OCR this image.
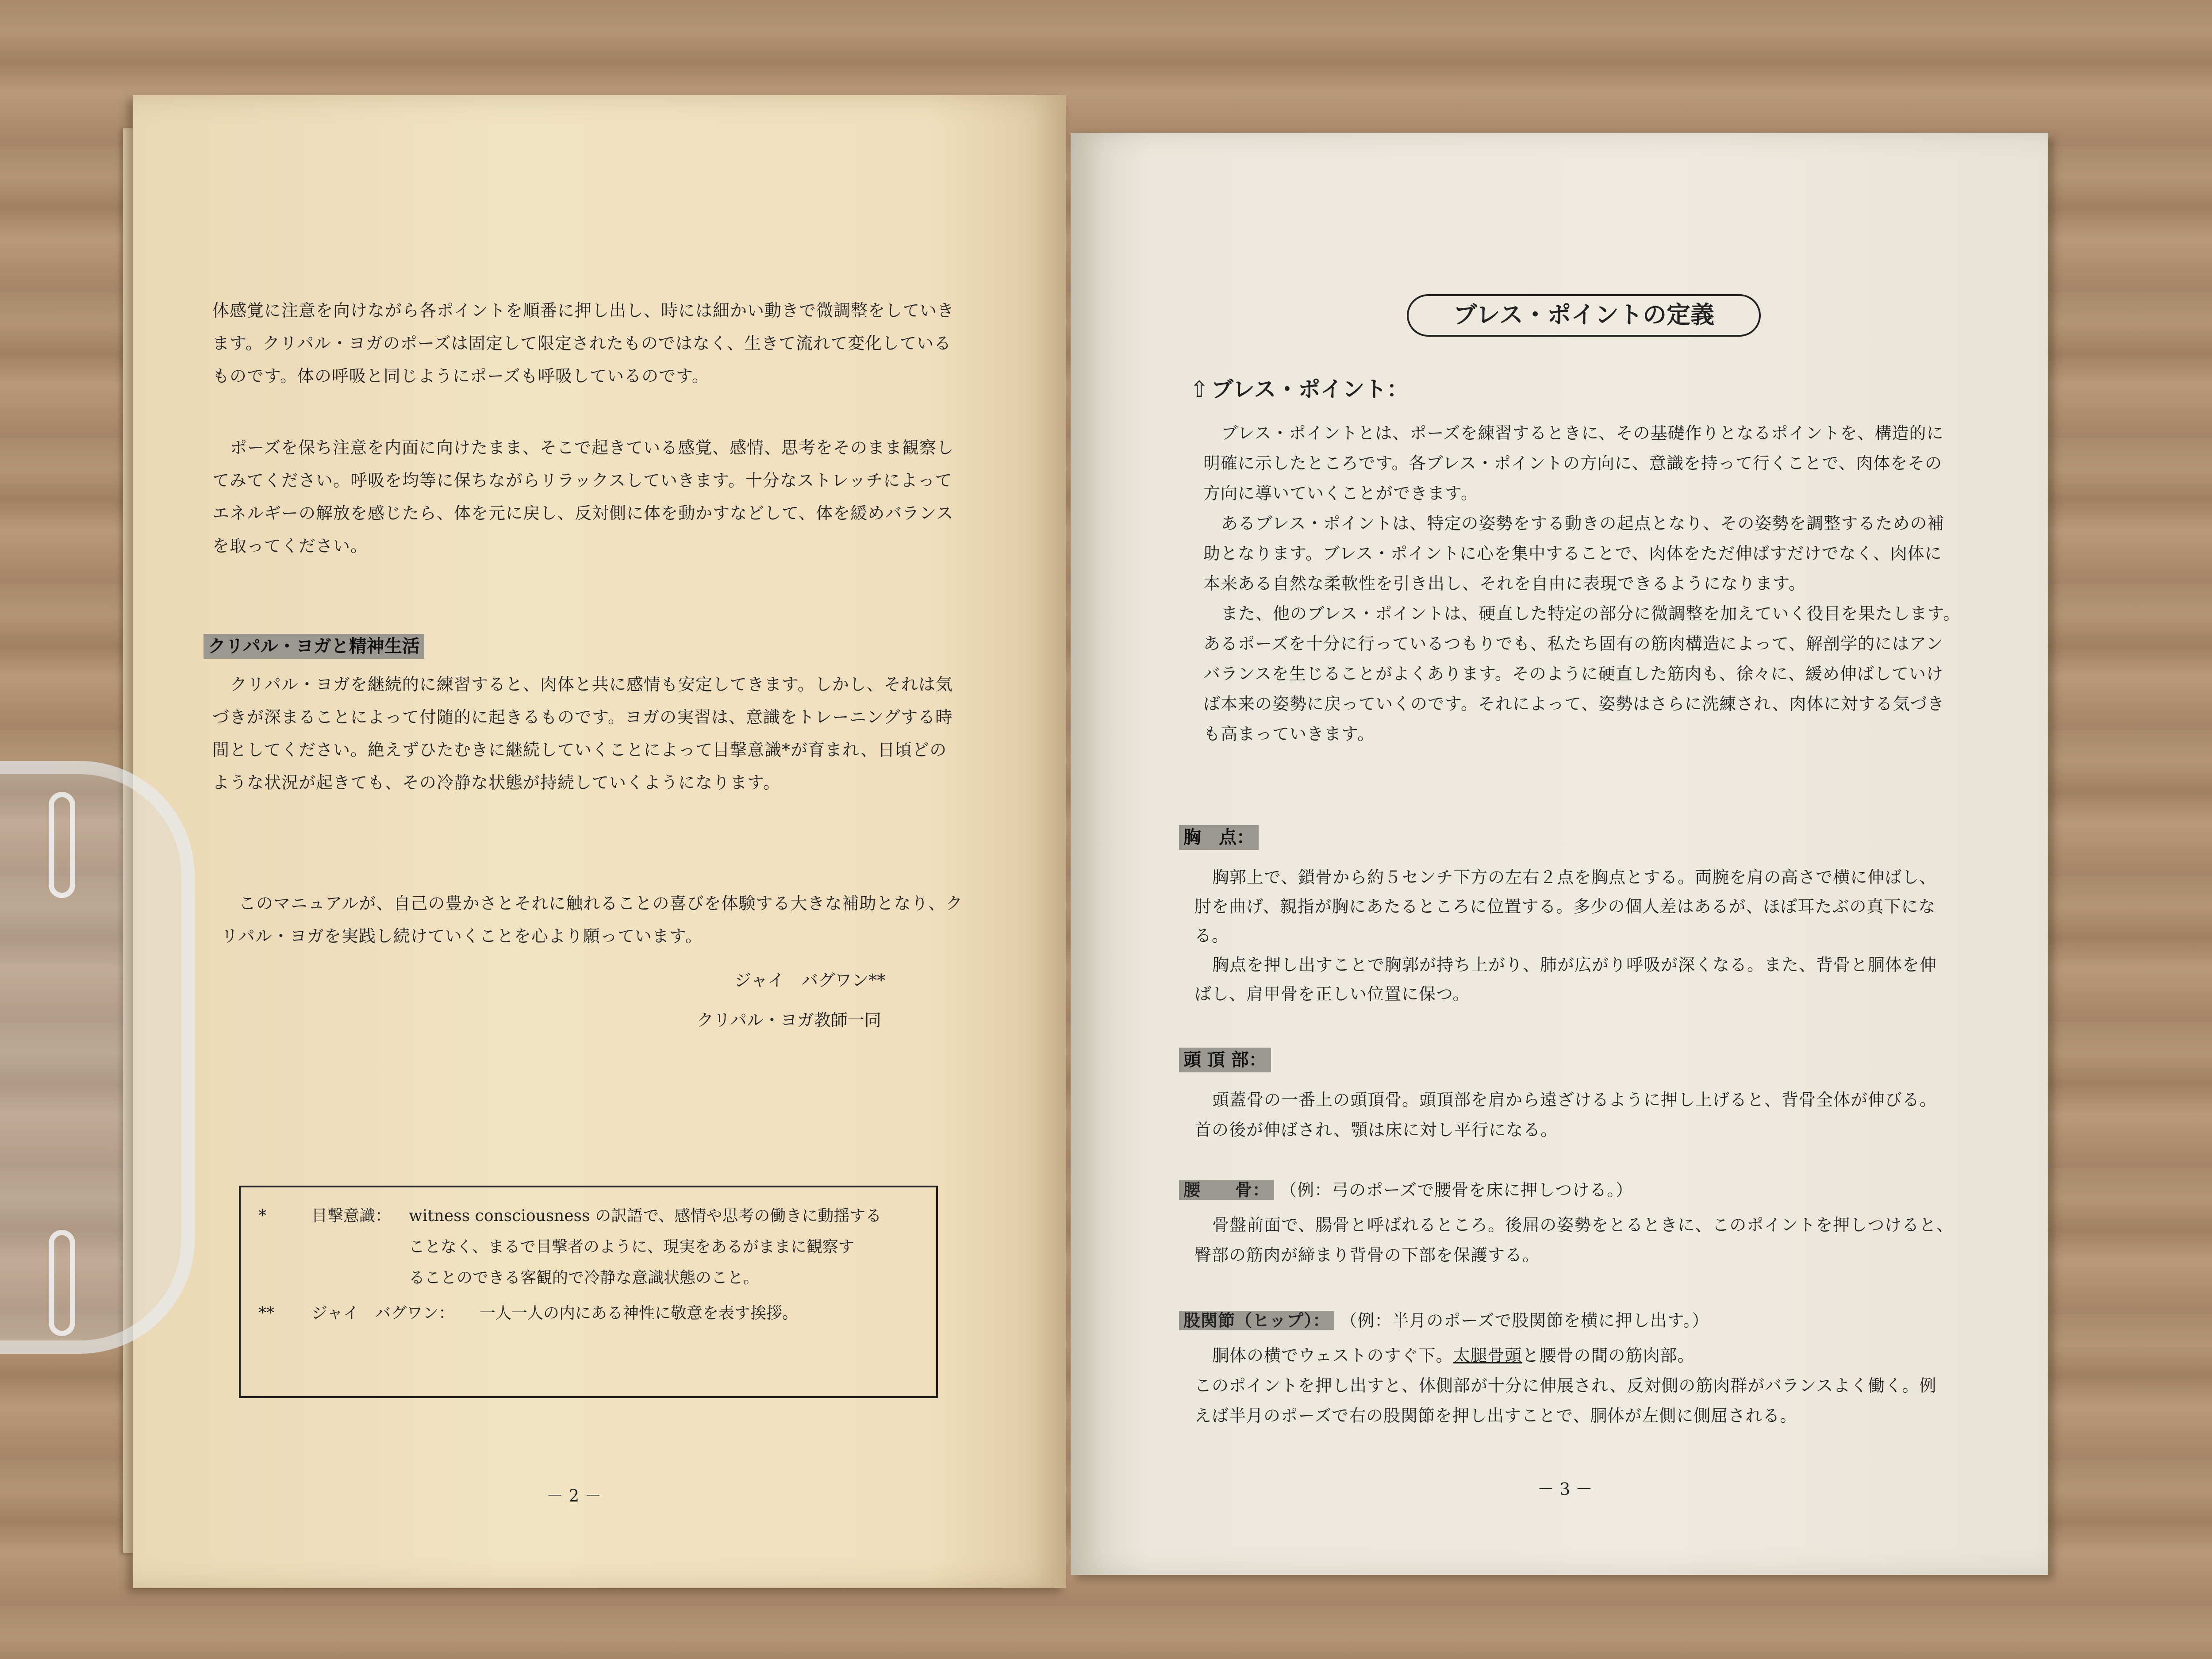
体感覚に注意を向けながら各ポイントを順番に押し出し、時には細かい動きで微調整をしていき
ます。クリパル・ヨガのポーズは固定して限定されたものではなく、生きて流れて変化している
ものです。体の呼吸と同じようにポーズも呼吸しているのです。
ポーズを保ち注意を内面に向けたまま、そこで起きている感覚、感情、思考をそのまま観察し
てみてください。呼吸を均等に保ちながらリラックスしていきます。十分なストレッチによって
エネルギーの解放を感じたら、体を元に戻し、反対側に体を動かすなどして、体を緩めバランス
を取ってください。
クリパル・ヨガと精神生活
クリパル・ヨガを継続的に練習すると、肉体と共に感情も安定してきます。しかし、それは気
づきが深まることによって付随的に起きるものです。ヨガの実習は、意識をトレーニングする時
間としてください。絶えずひたむきに継続していくことによって目撃意識*が育まれ、日頃どの
ような状況が起きても、その冷静な状態が持続していくようになります。
このマニュアルが、自己の豊かさとそれに触れることの喜びを体験する大きな補助となり、ク
リパル・ヨガを実践し続けていくことを心より願っています。
ジャイ　バグワン**
クリパル・ヨガ教師一同
*	目撃意識： witness consciousness の訳語で、感情や思考の働きに動揺する
ことなく、まるで目撃者のように、現実をあるがままに観察す
ることのできる客観的で冷静な意識状態のこと。
** ジャイ　バグワン： 一人一人の内にある神性に敬意を表す挨拶。
－ 2 －
ブレス・ポイントの定義
⇧ ブレス・ポイント：
ブレス・ポイントとは、ポーズを練習するときに、その基礎作りとなるポイントを、構造的に
明確に示したところです。各ブレス・ポイントの方向に、意識を持って行くことで、肉体をその
方向に導いていくことができます。
あるブレス・ポイントは、特定の姿勢をする動きの起点となり、その姿勢を調整するための補
助となります。ブレス・ポイントに心を集中することで、肉体をただ伸ばすだけでなく、肉体に
本来ある自然な柔軟性を引き出し、それを自由に表現できるようになります。
また、他のブレス・ポイントは、硬直した特定の部分に微調整を加えていく役目を果たします。
あるポーズを十分に行っているつもりでも、私たち固有の筋肉構造によって、解剖学的にはアン
バランスを生じることがよくあります。そのように硬直した筋肉も、徐々に、緩め伸ばしていけ
ば本来の姿勢に戻っていくのです。それによって、姿勢はさらに洗練され、肉体に対する気づき
も高まっていきます。
胸　点：
胸郭上で、鎖骨から約５センチ下方の左右２点を胸点とする。両腕を肩の高さで横に伸ばし、
肘を曲げ、親指が胸にあたるところに位置する。多少の個人差はあるが、ほぼ耳たぶの真下にな
る。
胸点を押し出すことで胸郭が持ち上がり、肺が広がり呼吸が深くなる。また、背骨と胴体を伸
ばし、肩甲骨を正しい位置に保つ。
頭 頂 部：
頭蓋骨の一番上の頭頂骨。頭頂部を肩から遠ざけるように押し上げると、背骨全体が伸びる。
首の後が伸ばされ、顎は床に対し平行になる。
腰　　骨： （例：弓のポーズで腰骨を床に押しつける。）
骨盤前面で、腸骨と呼ばれるところ。後屈の姿勢をとるときに、このポイントを押しつけると、
臀部の筋肉が締まり背骨の下部を保護する。
股関節（ヒップ）： （例：半月のポーズで股関節を横に押し出す。）
胴体の横でウェストのすぐ下。太腿骨頭と腰骨の間の筋肉部。
このポイントを押し出すと、体側部が十分に伸展され、反対側の筋肉群がバランスよく働く。例
えば半月のポーズで右の股関節を押し出すことで、胴体が左側に側屈される。
－ 3 －
